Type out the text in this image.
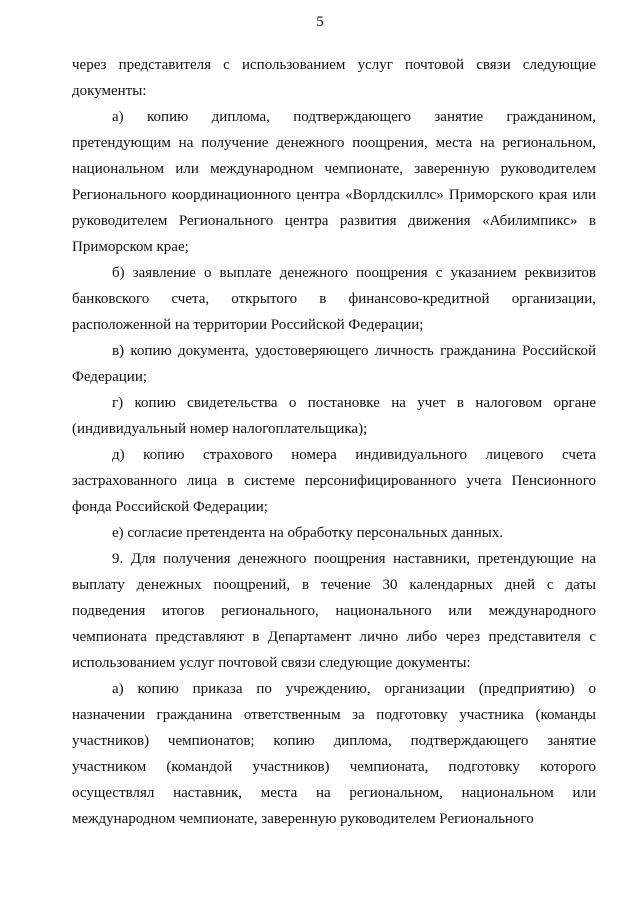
5

через представителя с использованием услуг почтовой связи следующие документы:

а) копию диплома, подтверждающего занятие гражданином, претендующим на получение денежного поощрения, места на региональном, национальном или международном чемпионате, заверенную руководителем Регионального координационного центра «Ворлдскиллс» Приморского края или руководителем Регионального центра развития движения «Абилимпикс» в Приморском крае;

б) заявление о выплате денежного поощрения с указанием реквизитов банковского счета, открытого в финансово-кредитной организации, расположенной на территории Российской Федерации;

в) копию документа, удостоверяющего личность гражданина Российской Федерации;

г) копию свидетельства о постановке на учет в налоговом органе (индивидуальный номер налогоплательщика);

д) копию страхового номера индивидуального лицевого счета застрахованного лица в системе персонифицированного учета Пенсионного фонда Российской Федерации;

е) согласие претендента на обработку персональных данных.

9. Для получения денежного поощрения наставники, претендующие на выплату денежных поощрений, в течение 30 календарных дней с даты подведения итогов регионального, национального или международного чемпионата представляют в Департамент лично либо через представителя с использованием услуг почтовой связи следующие документы:

а) копию приказа по учреждению, организации (предприятию) о назначении гражданина ответственным за подготовку участника (команды участников) чемпионатов; копию диплома, подтверждающего занятие участником (командой участников) чемпионата, подготовку которого осуществлял наставник, места на региональном, национальном или международном чемпионате, заверенную руководителем Регионального
